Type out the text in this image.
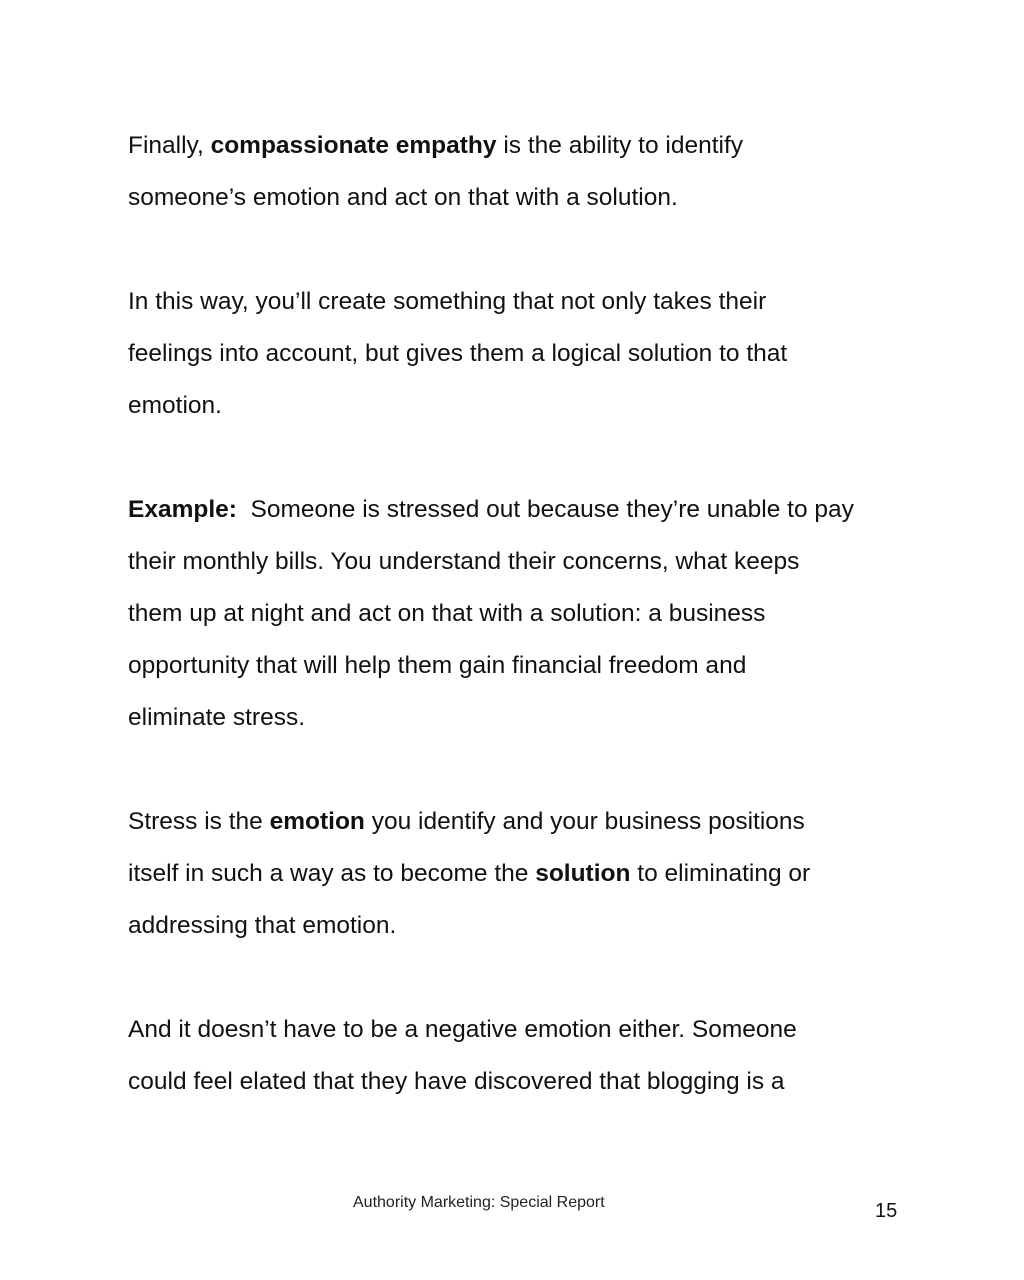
Finally, compassionate empathy is the ability to identify
someone’s emotion and act on that with a solution.

In this way, you’ll create something that not only takes their
feelings into account, but gives them a logical solution to that
emotion.

Example:  Someone is stressed out because they’re unable to pay
their monthly bills. You understand their concerns, what keeps
them up at night and act on that with a solution: a business
opportunity that will help them gain financial freedom and
eliminate stress.

Stress is the emotion you identify and your business positions
itself in such a way as to become the solution to eliminating or
addressing that emotion.

And it doesn’t have to be a negative emotion either. Someone
could feel elated that they have discovered that blogging is a

Authority Marketing: Special Report	15
